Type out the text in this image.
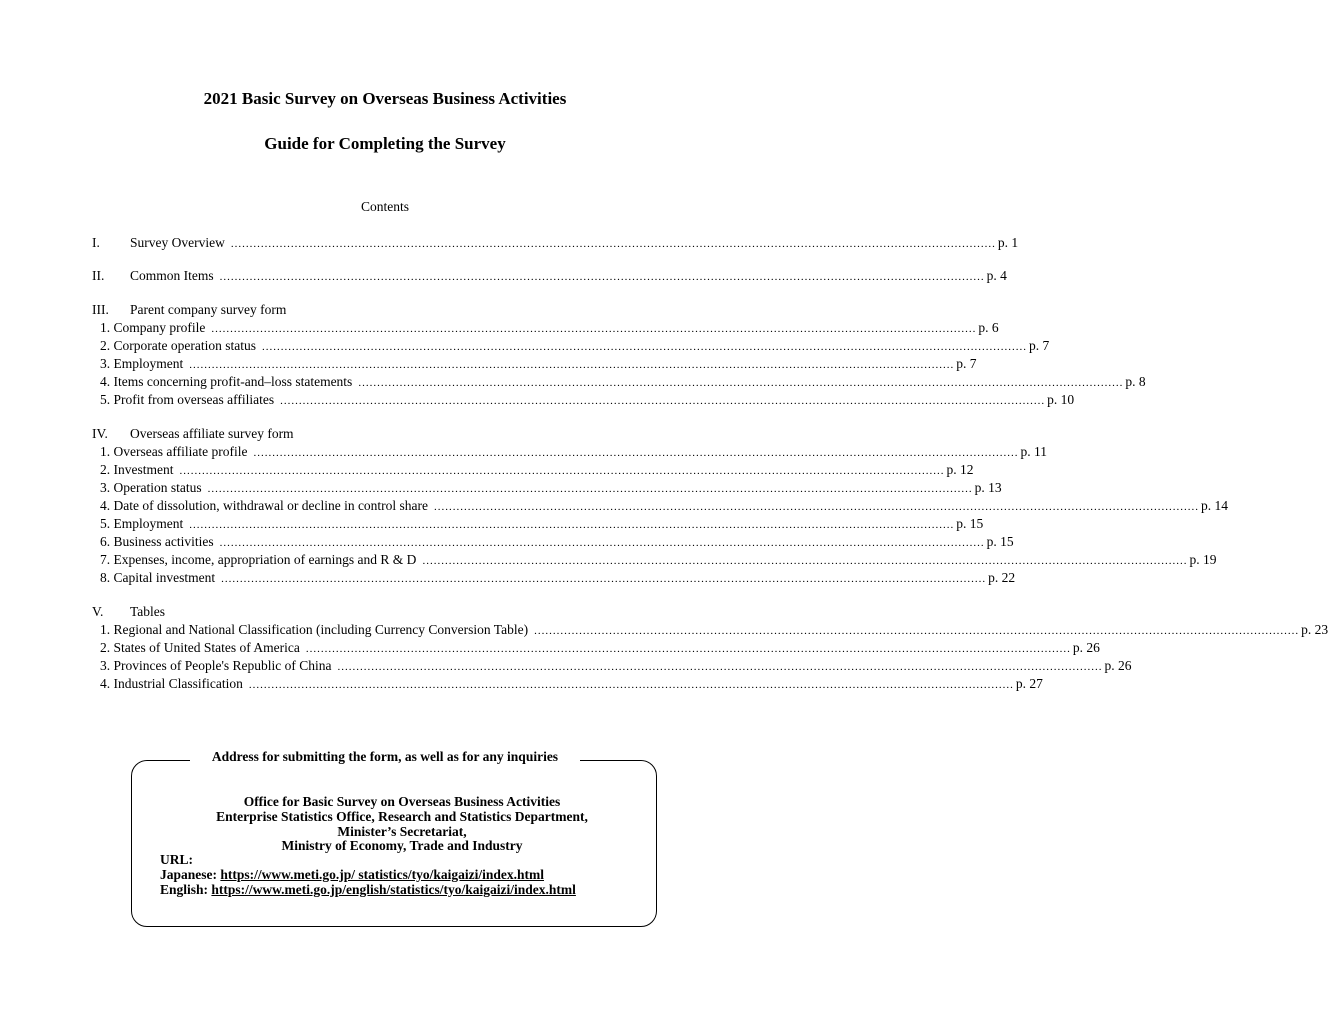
2021 Basic Survey on Overseas Business Activities
Guide for Completing the Survey
Contents
I. Survey Overview ............................................................................................................................................................................................................ p. 1
II. Common Items ............................................................................................................................................................................................................ p. 4
III. Parent company survey form
1. Company profile ............................................................................................................................................................................................................ p. 6
2. Corporate operation status ............................................................................................................................................................................................................ p. 7
3. Employment ............................................................................................................................................................................................................ p. 7
4. Items concerning profit-and–loss statements ............................................................................................................................................................................................................ p. 8
5. Profit from overseas affiliates ............................................................................................................................................................................................................ p. 10
IV. Overseas affiliate survey form
1. Overseas affiliate profile ............................................................................................................................................................................................................ p. 11
2. Investment ............................................................................................................................................................................................................ p. 12
3. Operation status ............................................................................................................................................................................................................ p. 13
4. Date of dissolution, withdrawal or decline in control share ............................................................................................................................................................................................................ p. 14
5. Employment ............................................................................................................................................................................................................ p. 15
6. Business activities ............................................................................................................................................................................................................ p. 15
7. Expenses, income, appropriation of earnings and R & D ............................................................................................................................................................................................................ p. 19
8. Capital investment ............................................................................................................................................................................................................ p. 22
V. Tables
1. Regional and National Classification (including Currency Conversion Table) ............................................................................................................................................................................................................ p. 23
2. States of United States of America ............................................................................................................................................................................................................ p. 26
3. Provinces of People's Republic of China ............................................................................................................................................................................................................ p. 26
4. Industrial Classification ............................................................................................................................................................................................................ p. 27
Address for submitting the form, as well as for any inquiries
Office for Basic Survey on Overseas Business Activities
Enterprise Statistics Office, Research and Statistics Department,
Minister’s Secretariat,
Ministry of Economy, Trade and Industry
URL:
Japanese: https://www.meti.go.jp/ statistics/tyo/kaigaizi/index.html
English: https://www.meti.go.jp/english/statistics/tyo/kaigaizi/index.html
